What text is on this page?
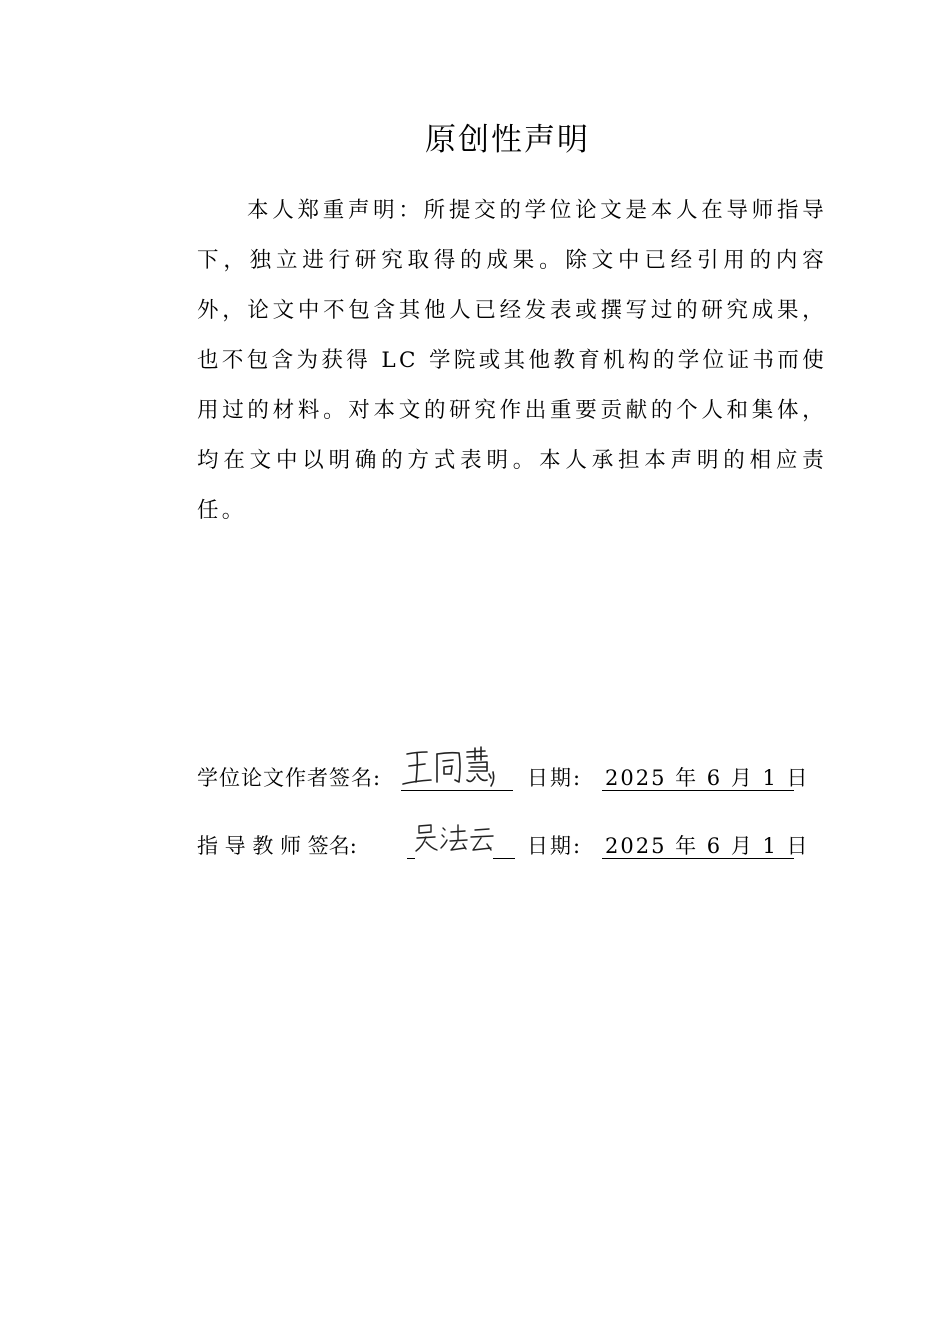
原创性声明

本人郑重声明：所提交的学位论文是本人在导师指导下，独立进行研究取得的成果。除文中已经引用的内容外，论文中不包含其他人已经发表或撰写过的研究成果，也不包含为获得 LC 学院或其他教育机构的学位证书而使用过的材料。对本文的研究作出重要贡献的个人和集体，均在文中以明确的方式表明。本人承担本声明的相应责任。

学位论文作者签名:	日期: 2025 年 6 月 1 日
指 导 教 师 签名:	日期: 2025 年 6 月 1 日
